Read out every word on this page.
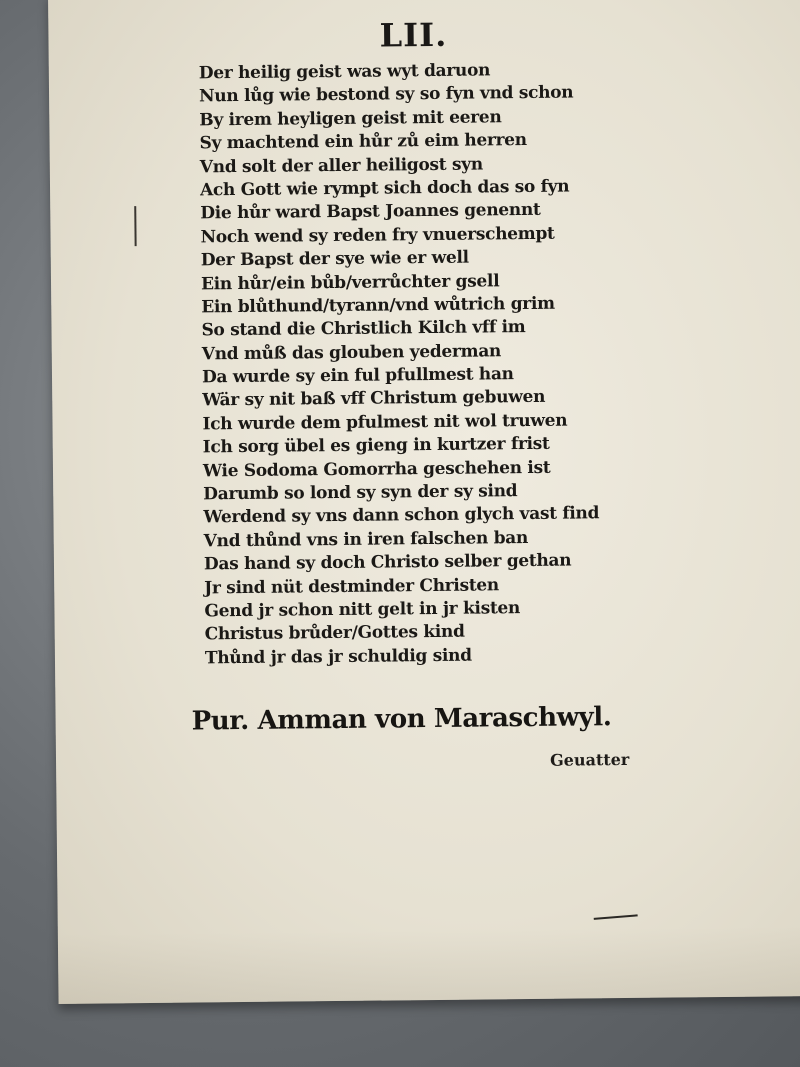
LII.
Der heilig geist was wyt daruon
Nun lůg wie bestond sy so fyn vnd schon
By irem heyligen geist mit eeren
Sy machtend ein hůr zů eim herren
Vnd solt der aller heiligost syn
Ach Gott wie rympt sich doch das so fyn
Die hůr ward Bapst Joannes genennt
Noch wend sy reden fry vnuerschempt
Der Bapst der sye wie er well
Ein hůr/ein bůb/verrůchter gsell
Ein blůthund/tyrann/vnd wůtrich grim
So stand die Christlich Kilch vff im
Vnd můß das glouben yederman
Da wurde sy ein ful pfullmest han
Wär sy nit baß vff Christum gebuwen
Ich wurde dem pfulmest nit wol truwen
Ich sorg übel es gieng in kurtzer frist
Wie Sodoma Gomorrha geschehen ist
Darumb so lond sy syn der sy sind
Werdend sy vns dann schon glych vast find
Vnd thůnd vns in iren falschen ban
Das hand sy doch Christo selber gethan
Jr sind nüt destminder Christen
Gend jr schon nitt gelt in jr kisten
Christus brůder/Gottes kind
Thůnd jr das jr schuldig sind
Pur. Amman von Maraschwyl.
Geuatter
